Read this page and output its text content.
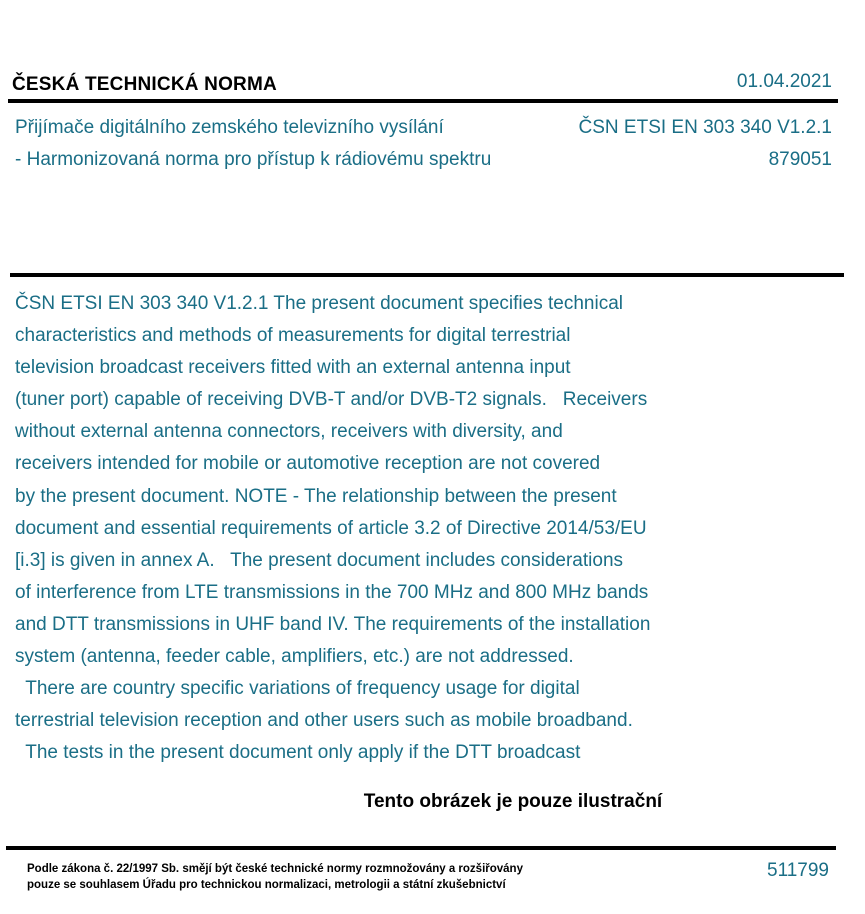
ČESKÁ TECHNICKÁ NORMA	01.04.2021
Přijímače digitálního zemského televizního vysílání
- Harmonizovaná norma pro přístup k rádiovému spektru
ČSN ETSI EN 303 340 V1.2.1
879051
ČSN ETSI EN 303 340 V1.2.1 The present document specifies technical
characteristics and methods of measurements for digital terrestrial
television broadcast receivers fitted with an external antenna input
(tuner port) capable of receiving DVB-T and/or DVB-T2 signals.   Receivers
without external antenna connectors, receivers with diversity, and
receivers intended for mobile or automotive reception are not covered
by the present document. NOTE - The relationship between the present
document and essential requirements of article 3.2 of Directive 2014/53/EU
[i.3] is given in annex A.   The present document includes considerations
of interference from LTE transmissions in the 700 MHz and 800 MHz bands
and DTT transmissions in UHF band IV. The requirements of the installation
system (antenna, feeder cable, amplifiers, etc.) are not addressed.
There are country specific variations of frequency usage for digital
terrestrial television reception and other users such as mobile broadband.
The tests in the present document only apply if the DTT broadcast
Tento obrázek je pouze ilustrační
Podle zákona č. 22/1997 Sb. smějí být české technické normy rozmnožovány a rozšiřovány
pouze se souhlasem Úřadu pro technickou normalizaci, metrologii a státní zkušebnictví
511799
